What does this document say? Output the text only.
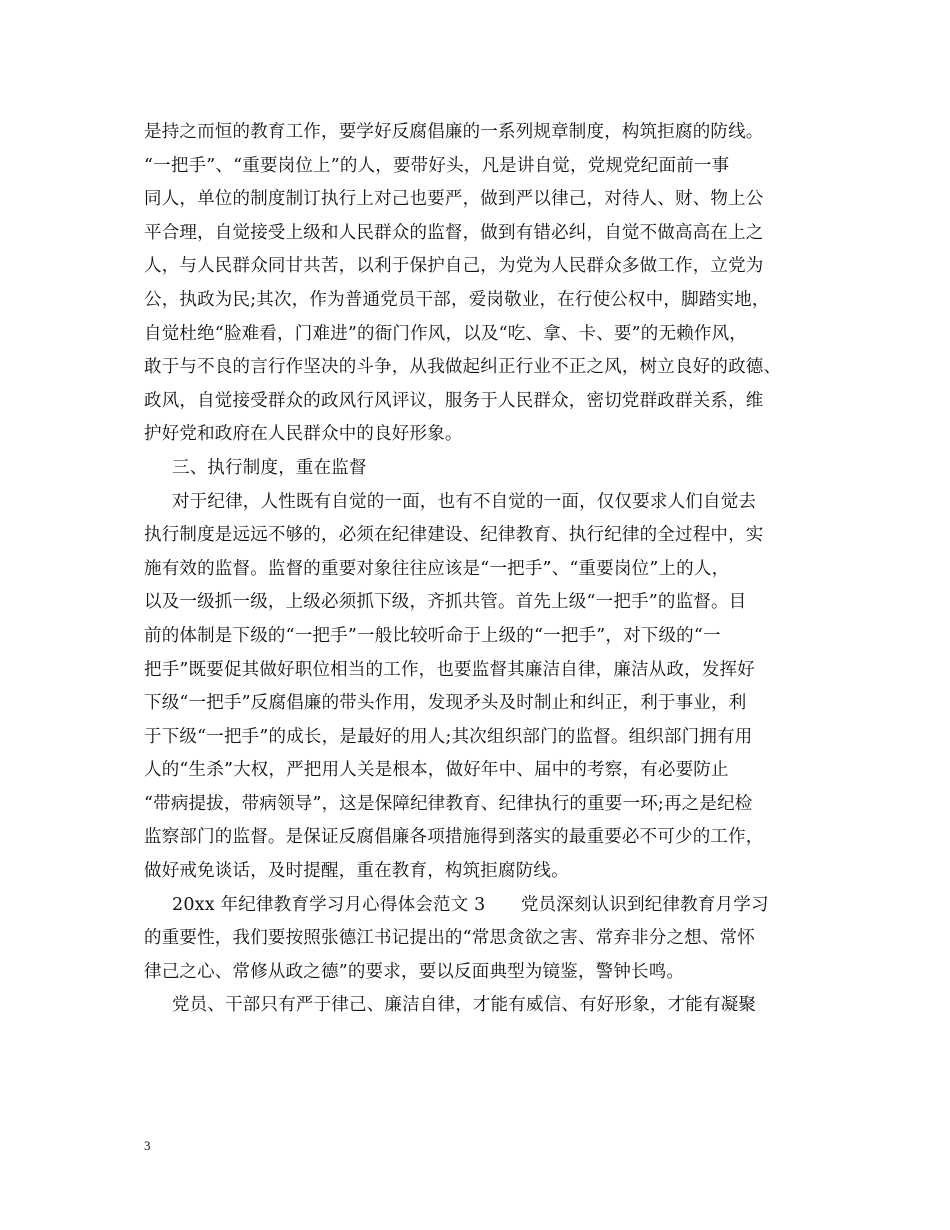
是持之而恒的教育工作，要学好反腐倡廉的一系列规章制度，构筑拒腐的防线。
“一把手”、“重要岗位上”的人，要带好头，凡是讲自觉，党规党纪面前一事
同人，单位的制度制订执行上对己也要严，做到严以律己，对待人、财、物上公
平合理，自觉接受上级和人民群众的监督，做到有错必纠，自觉不做高高在上之
人，与人民群众同甘共苦，以利于保护自己，为党为人民群众多做工作，立党为
公，执政为民;其次，作为普通党员干部，爱岗敬业，在行使公权中，脚踏实地，
自觉杜绝“脸难看，门难进”的衙门作风，以及“吃、拿、卡、要”的无赖作风，
敢于与不良的言行作坚决的斗争，从我做起纠正行业不正之风，树立良好的政德、
政风，自觉接受群众的政风行风评议，服务于人民群众，密切党群政群关系，维
护好党和政府在人民群众中的良好形象。
三、执行制度，重在监督
对于纪律，人性既有自觉的一面，也有不自觉的一面，仅仅要求人们自觉去
执行制度是远远不够的，必须在纪律建设、纪律教育、执行纪律的全过程中，实
施有效的监督。监督的重要对象往往应该是“一把手”、“重要岗位”上的人，
以及一级抓一级，上级必须抓下级，齐抓共管。首先上级“一把手”的监督。目
前的体制是下级的“一把手”一般比较听命于上级的“一把手”，对下级的“一
把手”既要促其做好职位相当的工作，也要监督其廉洁自律，廉洁从政，发挥好
下级“一把手”反腐倡廉的带头作用，发现矛头及时制止和纠正，利于事业，利
于下级“一把手”的成长，是最好的用人;其次组织部门的监督。组织部门拥有用
人的“生杀”大权，严把用人关是根本，做好年中、届中的考察，有必要防止
“带病提拔，带病领导”，这是保障纪律教育、纪律执行的重要一环;再之是纪检
监察部门的监督。是保证反腐倡廉各项措施得到落实的最重要必不可少的工作，
做好戒免谈话，及时提醒，重在教育，构筑拒腐防线。
20xx 年纪律教育学习月心得体会范文 3　　党员深刻认识到纪律教育月学习
的重要性，我们要按照张德江书记提出的“常思贪欲之害、常弃非分之想、常怀
律己之心、常修从政之德”的要求，要以反面典型为镜鉴，警钟长鸣。
党员、干部只有严于律己、廉洁自律，才能有威信、有好形象，才能有凝聚
3
